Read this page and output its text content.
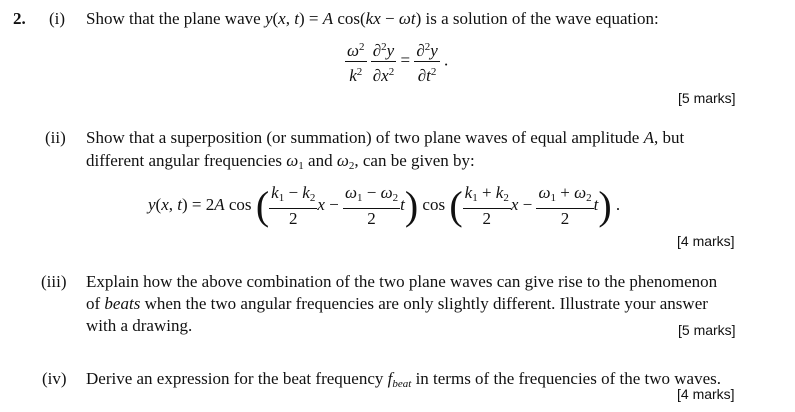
2. (i) Show that the plane wave y(x, t) = A cos(kx − ωt) is a solution of the wave equation:
$\frac{\omega^2}{k^2}$
$\frac{\partial^2y}{\partial x^2} = \frac{\partial^2y}{\partial t^2}$ .
[5 marks]
(ii) Show that a superposition (or summation) of two plane waves of equal amplitude A, but
different angular frequencies $\omega_1$ and $\omega_2$, can be given by:
y(x, t) = 2A cos ( $\frac{k_1 - k_2}{2}$ $x - \frac{\omega_1 - \omega_2}{2} t$) cos ( $\frac{k_1 + k_2}{2}$ $x - \frac{\omega_1 + \omega_2}{2} t$) .
[4 marks]
(iii) Explain how the above combination of the two plane waves can give rise to the phenomenon
of beats when the two angular frequencies are only slightly different. Illustrate your answer
with a drawing.	[5 marks]
(iv) Derive an expression for the beat frequency $f_{beat}$ in terms of the frequencies of the two waves.
[4 marks]
